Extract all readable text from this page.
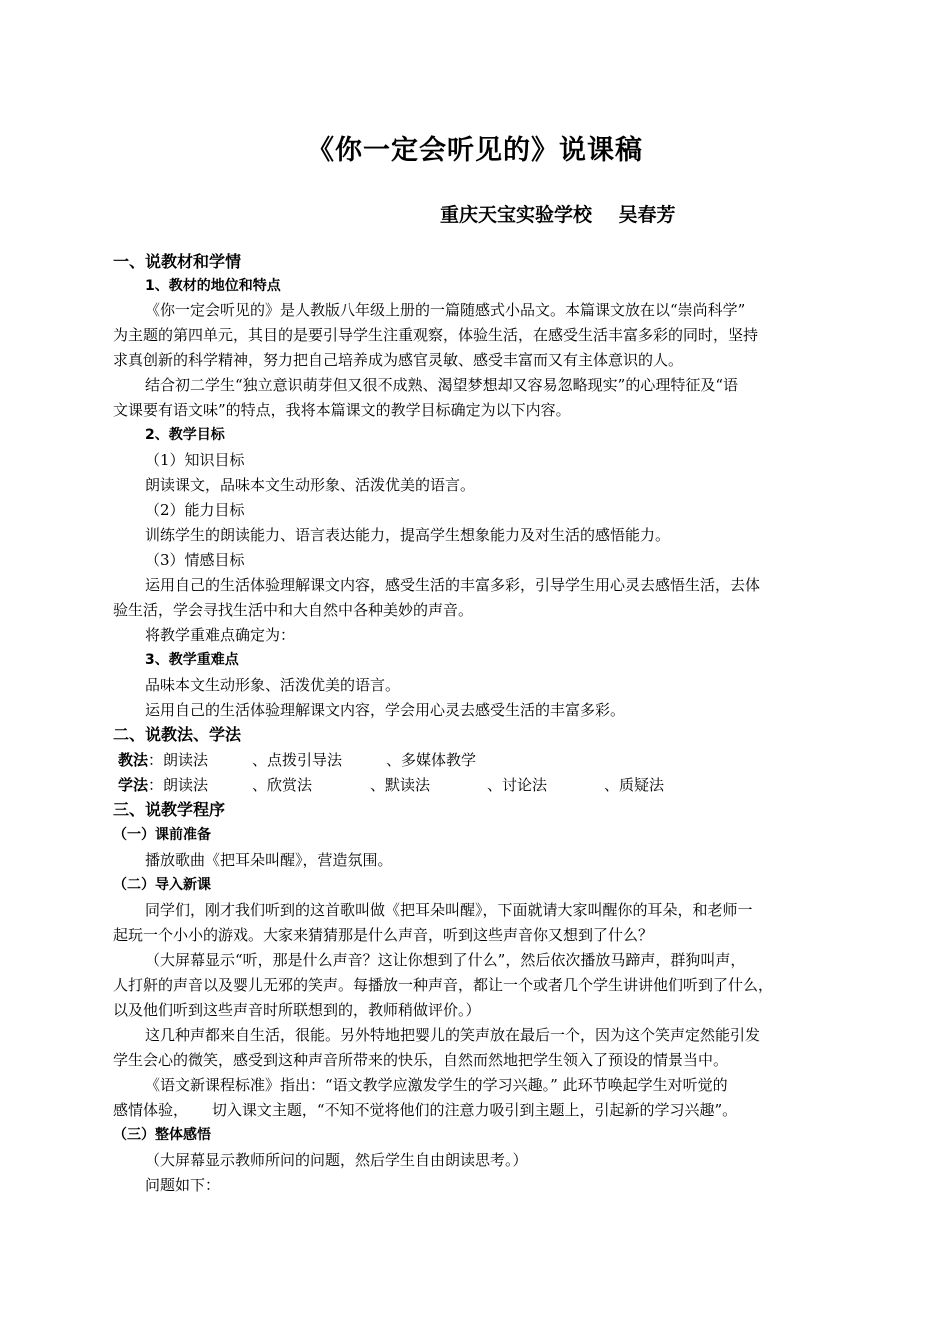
《你一定会听见的》说课稿
重庆天宝实验学校    吴春芳
一、说教材和学情
1、教材的地位和特点
《你一定会听见的》是人教版八年级上册的一篇随感式小品文。本篇课文放在以“崇尚科学”
为主题的第四单元，其目的是要引导学生注重观察，体验生活，在感受生活丰富多彩的同时，坚持
求真创新的科学精神，努力把自己培养成为感官灵敏、感受丰富而又有主体意识的人。
结合初二学生“独立意识萌芽但又很不成熟、渴望梦想却又容易忽略现实”的心理特征及“语
文课要有语文味”的特点，我将本篇课文的教学目标确定为以下内容。
2、教学目标
（1）知识目标
朗读课文，品味本文生动形象、活泼优美的语言。
（2）能力目标
训练学生的朗读能力、语言表达能力，提高学生想象能力及对生活的感悟能力。
（3）情感目标
运用自己的生活体验理解课文内容，感受生活的丰富多彩，引导学生用心灵去感悟生活，去体
验生活，学会寻找生活中和大自然中各种美妙的声音。
将教学重难点确定为：
3、教学重难点
品味本文生动形象、活泼优美的语言。
运用自己的生活体验理解课文内容，学会用心灵去感受生活的丰富多彩。
二、说教法、学法
教法：朗读法	、点拨引导法	、多媒体教学
学法：朗读法	、欣赏法	、默读法	、讨论法	、质疑法
三、说教学程序
（一）课前准备
播放歌曲《把耳朵叫醒》，营造氛围。
（二）导入新课
同学们，刚才我们听到的这首歌叫做《把耳朵叫醒》，下面就请大家叫醒你的耳朵，和老师一
起玩一个小小的游戏。大家来猜猜那是什么声音，听到这些声音你又想到了什么？
（大屏幕显示“听，那是什么声音？这让你想到了什么”，然后依次播放马蹄声，群狗叫声，
人打鼾的声音以及婴儿无邪的笑声。每播放一种声音，都让一个或者几个学生讲讲他们听到了什么，
以及他们听到这些声音时所联想到的，教师稍做评价。）
这几种声都来自生活，很能。另外特地把婴儿的笑声放在最后一个，因为这个笑声定然能引发
学生会心的微笑，感受到这种声音所带来的快乐，自然而然地把学生领入了预设的情景当中。
《语文新课程标准》指出：“语文教学应激发学生的学习兴趣。” 此环节唤起学生对听觉的
感情体验，     切入课文主题，“不知不觉将他们的注意力吸引到主题上，引起新的学习兴趣”。
（三）整体感悟
（大屏幕显示教师所问的问题，然后学生自由朗读思考。）
问题如下：
